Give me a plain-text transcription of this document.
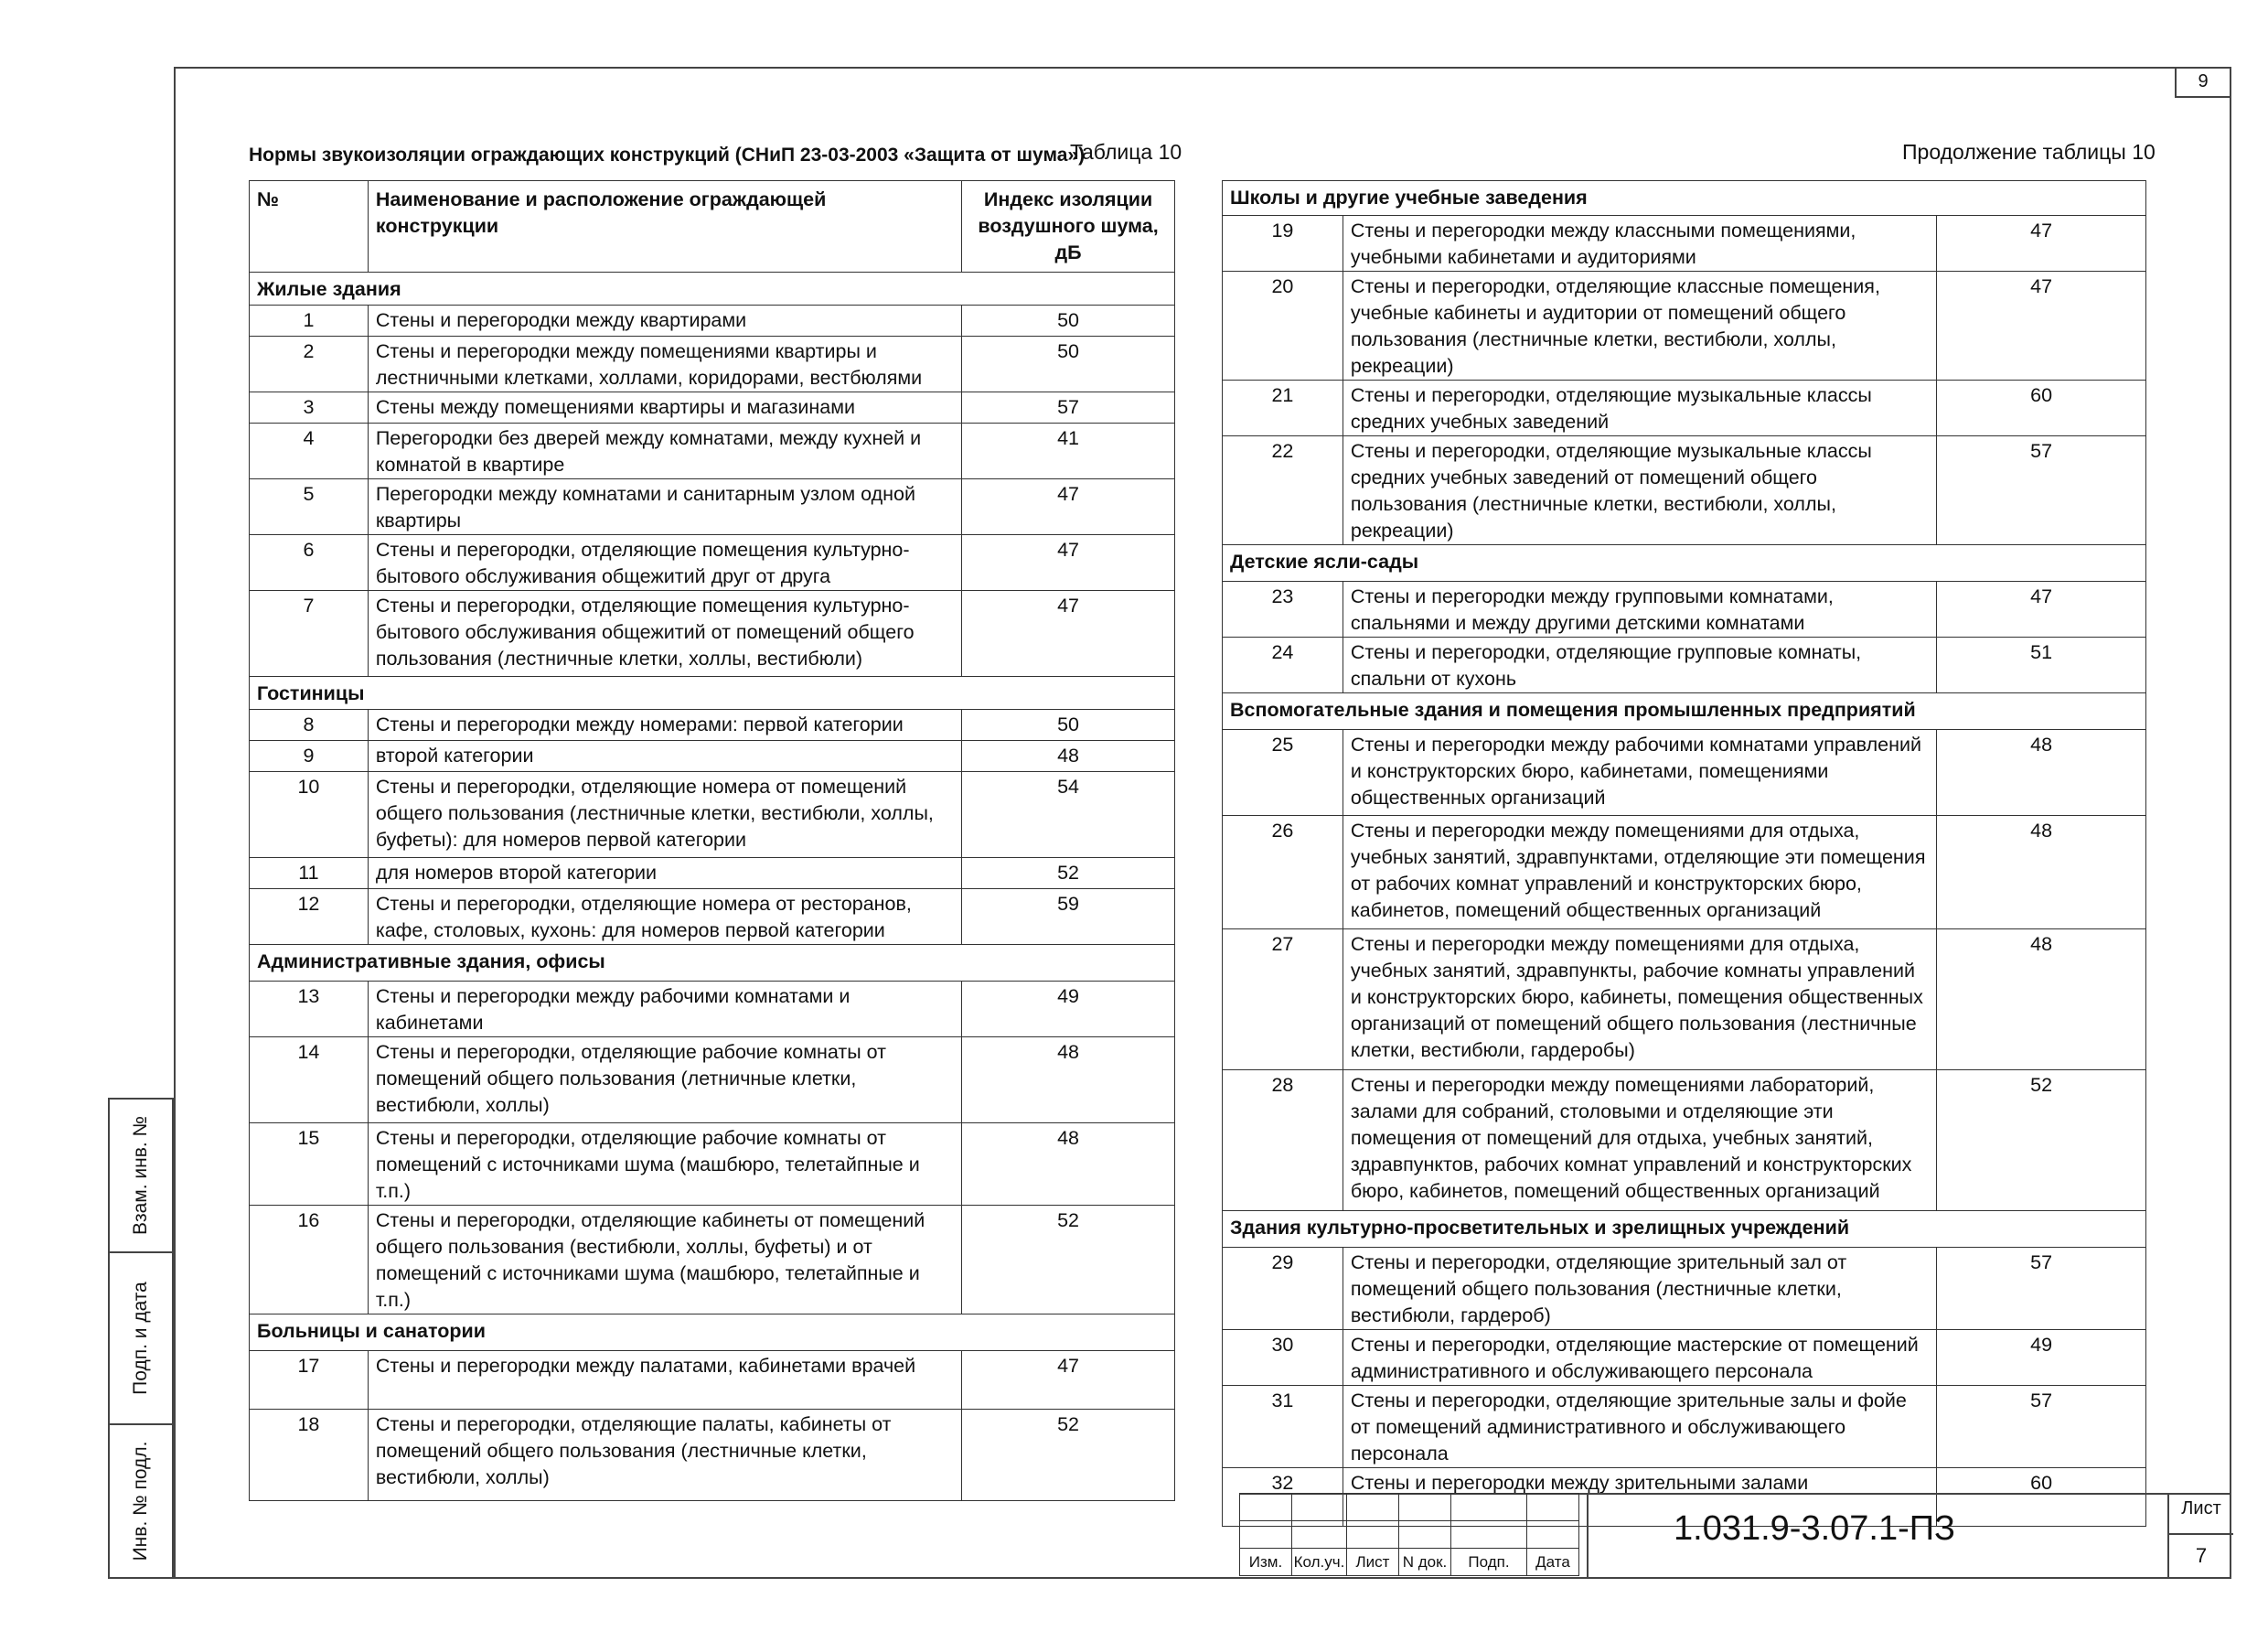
9
Взам. инв. №
Подп. и дата
Инв. № подл.
Нормы звукоизоляции ограждающих конструкций (СНиП 23-03-2003 «Защита от шума»)
Таблица 10	Продолжение таблицы 10
№	Наименование и расположение ограждающей конструкции	Индекс изоляции воздушного шума, дБ
Жилые здания		
1	Стены и перегородки между квартирами	50
2	Стены и перегородки между помещениями квартиры и лестничными клетками, холлами, коридорами, вестбюлями	50
3	Стены между помещениями квартиры и магазинами	57
4	Перегородки без дверей между комнатами, между кухней и комнатой в квартире	41
5	Перегородки между комнатами и санитарным узлом одной квартиры	47
6	Стены и перегородки, отделяющие помещения культурно-бытового обслуживания общежитий друг от друга	47
7	Стены и перегородки, отделяющие помещения культурно-бытового обслуживания общежитий от помещений общего пользования (лестничные клетки, холлы, вестибюли)	47
Гостиницы		
8	Стены и перегородки между номерами: первой категории	50
9	второй категории	48
10	Стены и перегородки, отделяющие номера от помещений общего пользования (лестничные клетки, вестибюли, холлы, буфеты): для номеров первой категории	54
11	для номеров второй категории	52
12	Стены и перегородки, отделяющие номера от ресторанов, кафе, столовых, кухонь: для номеров первой категории	59
Административные здания, офисы		
13	Стены и перегородки между рабочими комнатами и кабинетами	49
14	Стены и перегородки, отделяющие рабочие комнаты от помещений общего пользования (летничные клетки, вестибюли, холлы)	48
15	Стены и перегородки, отделяющие рабочие комнаты от помещений с источниками шума (машбюро, телетайпные и т.п.)	48
16	Стены и перегородки, отделяющие кабинеты от помещений общего пользования (вестибюли, холлы, буфеты) и от помещений с источниками шума (машбюро, телетайпные и т.п.)	52
Больницы и санатории		
17	Стены и перегородки между палатами, кабинетами врачей	47
18	Стены и перегородки, отделяющие палаты, кабинеты от помещений общего пользования (лестничные клетки, вестибюли, холлы)	52
Школы и другие учебные заведения		
19	Стены и перегородки между классными помещениями, учебными кабинетами и аудиториями	47
20	Стены и перегородки, отделяющие классные помещения, учебные кабинеты и аудитории от помещений общего пользования (лестничные клетки, вестибюли, холлы, рекреации)	47
21	Стены и перегородки, отделяющие музыкальные классы средних учебных заведений	60
22	Стены и перегородки, отделяющие музыкальные классы средних учебных заведений от помещений общего пользования (лестничные клетки, вестибюли, холлы, рекреации)	57
Детские ясли-сады		
23	Стены и перегородки между групповыми комнатами, спальнями и между другими детскими комнатами	47
24	Стены и перегородки, отделяющие групповые комнаты, спальни от кухонь	51
Вспомогательные здания и помещения промышленных предприятий		
25	Стены и перегородки между рабочими комнатами управлений и конструкторских бюро, кабинетами, помещениями общественных организаций	48
26	Стены и перегородки между помещениями для отдыха, учебных занятий, здравпунктами, отделяющие эти помещения от рабочих комнат управлений и конструкторских бюро, кабинетов, помещений общественных организаций	48
27	Стены и перегородки между помещениями для отдыха, учебных занятий, здравпункты, рабочие комнаты управлений и конструкторских бюро, кабинеты, помещения общественных организаций от помещений общего пользования (лестничные клетки, вестибюли, гардеробы)	48
28	Стены и перегородки между помещениями лабораторий, залами для собраний, столовыми и отделяющие эти помещения от помещений для отдыха, учебных занятий, здравпунктов, рабочих комнат управлений и конструкторских бюро, кабинетов, помещений общественных организаций	52
Здания культурно-просветительных и зрелищных учреждений		
29	Стены и перегородки, отделяющие зрительный зал от помещений общего пользования (лестничные клетки, вестибюли, гардероб)	57
30	Стены и перегородки, отделяющие мастерские от помещений административного и обслуживающего персонала	49
31	Стены и перегородки, отделяющие зрительные залы и фойе от помещений административного и обслуживающего персонала	57
32	Стены и перегородки между зрительными залами	60

Изм.	Кол.уч.	Лист	N док.	Подп.	Дата
1.031.9-3.07.1-ПЗ
Лист
7
